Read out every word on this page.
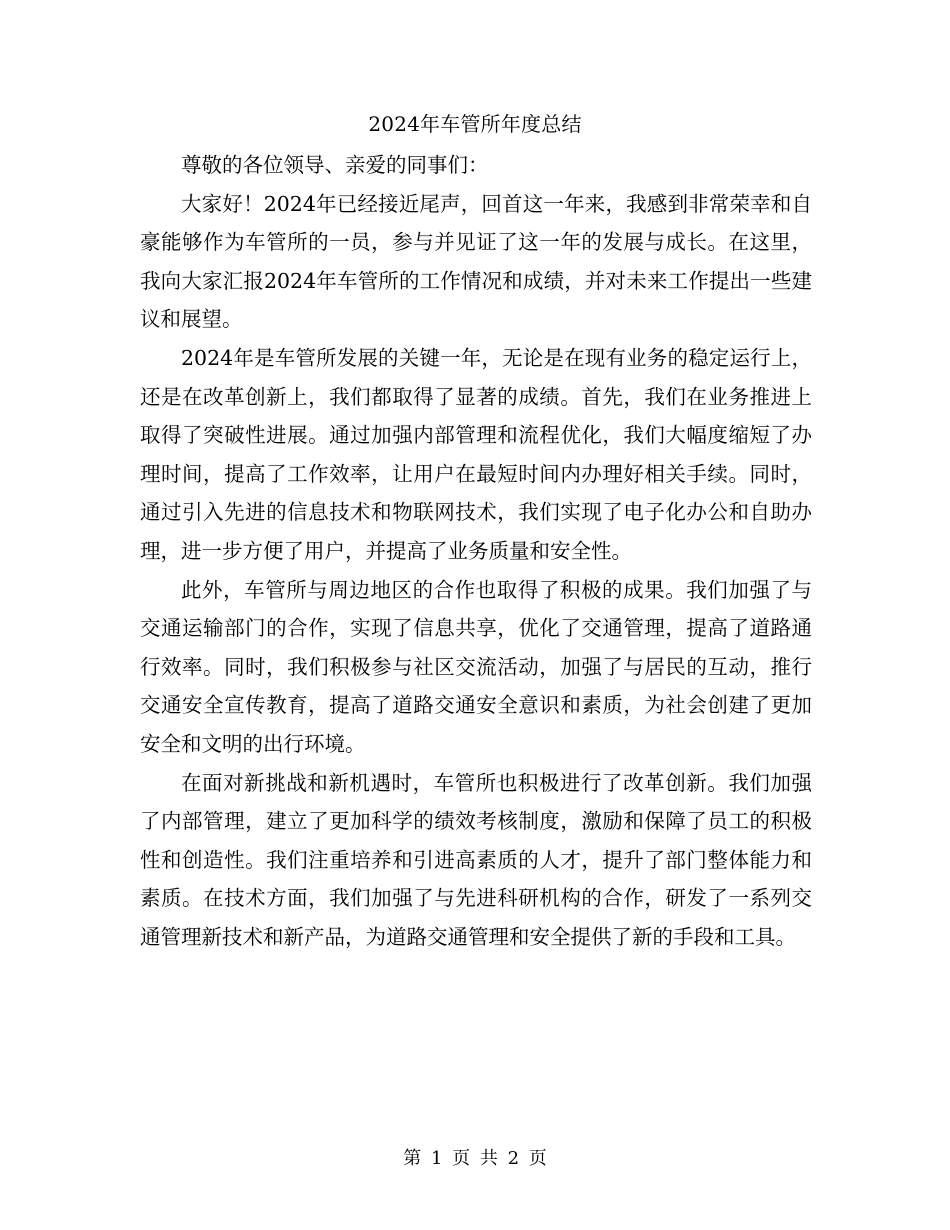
2024年车管所年度总结

尊敬的各位领导、亲爱的同事们：

大家好！2024年已经接近尾声，回首这一年来，我感到非常荣幸和自豪能够作为车管所的一员，参与并见证了这一年的发展与成长。在这里，我向大家汇报2024年车管所的工作情况和成绩，并对未来工作提出一些建议和展望。

2024年是车管所发展的关键一年，无论是在现有业务的稳定运行上，还是在改革创新上，我们都取得了显著的成绩。首先，我们在业务推进上取得了突破性进展。通过加强内部管理和流程优化，我们大幅度缩短了办理时间，提高了工作效率，让用户在最短时间内办理好相关手续。同时，通过引入先进的信息技术和物联网技术，我们实现了电子化办公和自助办理，进一步方便了用户，并提高了业务质量和安全性。

此外，车管所与周边地区的合作也取得了积极的成果。我们加强了与交通运输部门的合作，实现了信息共享，优化了交通管理，提高了道路通行效率。同时，我们积极参与社区交流活动，加强了与居民的互动，推行交通安全宣传教育，提高了道路交通安全意识和素质，为社会创建了更加安全和文明的出行环境。

在面对新挑战和新机遇时，车管所也积极进行了改革创新。我们加强了内部管理，建立了更加科学的绩效考核制度，激励和保障了员工的积极性和创造性。我们注重培养和引进高素质的人才，提升了部门整体能力和素质。在技术方面，我们加强了与先进科研机构的合作，研发了一系列交通管理新技术和新产品，为道路交通管理和安全提供了新的手段和工具。

第 1 页 共 2 页
